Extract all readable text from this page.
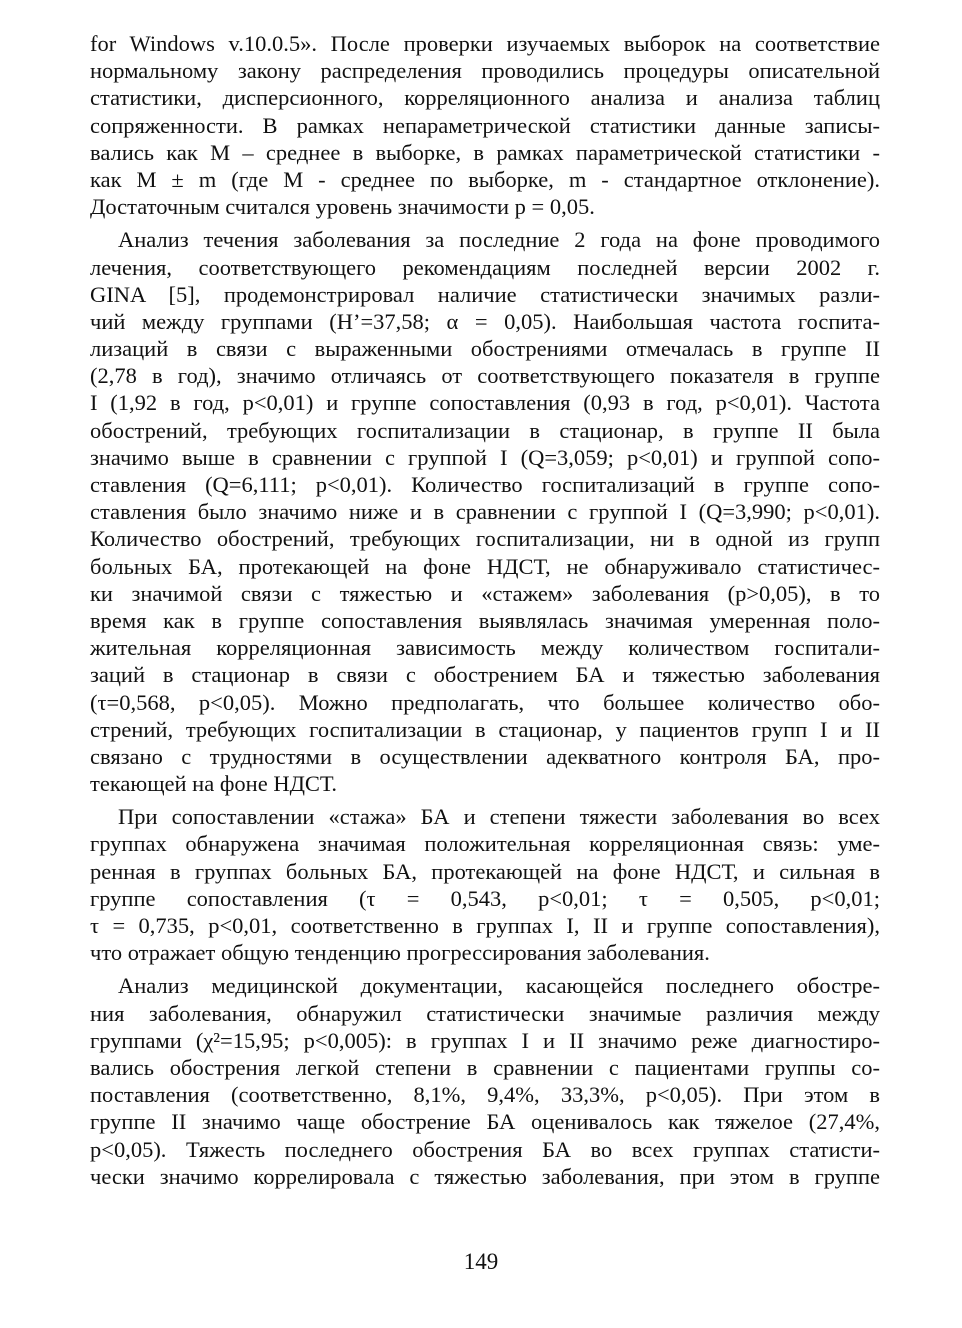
for Windows v.10.0.5». После проверки изучаемых выборок на соответствие
нормальному закону распределения проводились процедуры описательной
статистики, дисперсионного, корреляционного анализа и анализа таблиц
сопряженности. В рамках непараметрической статистики данные записы-
вались как М – среднее в выборке, в рамках параметрической статистики -
как М ± m (где М - среднее по выборке, m - стандартное отклонение).
Достаточным считался уровень значимости р = 0,05.
Анализ течения заболевания за последние 2 года на фоне проводимого
лечения, соответствующего рекомендациям последней версии 2002 г.
GINA [5], продемонстрировал наличие статистически значимых разли-
чий между группами (H’=37,58; α = 0,05). Наибольшая частота госпита-
лизаций в связи с выраженными обострениями отмечалась в группе II
(2,78 в год), значимо отличаясь от соответствующего показателя в группе
I (1,92 в год, р<0,01) и группе сопоставления (0,93 в год, р<0,01). Частота
обострений, требующих госпитализации в стационар, в группе II была
значимо выше в сравнении с группой I (Q=3,059; р<0,01) и группой сопо-
ставления (Q=6,111; р<0,01). Количество госпитализаций в группе сопо-
ставления было значимо ниже и в сравнении с группой I (Q=3,990; р<0,01).
Количество обострений, требующих госпитализации, ни в одной из групп
больных БА, протекающей на фоне НДСТ, не обнаруживало статистичес-
ки значимой связи с тяжестью и «стажем» заболевания (р>0,05), в то
время как в группе сопоставления выявлялась значимая умеренная поло-
жительная корреляционная зависимость между количеством госпитали-
заций в стационар в связи с обострением БА и тяжестью заболевания
(τ=0,568, р<0,05). Можно предполагать, что большее количество обо-
стрений, требующих госпитализации в стационар, у пациентов групп I и II
связано с трудностями в осуществлении адекватного контроля БА, про-
текающей на фоне НДСТ.
При сопоставлении «стажа» БА и степени тяжести заболевания во всех
группах обнаружена значимая положительная корреляционная связь: уме-
ренная в группах больных БА, протекающей на фоне НДСТ, и сильная в
группе сопоставления (τ = 0,543, р<0,01; τ = 0,505, р<0,01;
τ = 0,735, р<0,01, соответственно в группах I, II и группе сопоставления),
что отражает общую тенденцию прогрессирования заболевания.
Анализ медицинской документации, касающейся последнего обостре-
ния заболевания, обнаружил статистически значимые различия между
группами (χ²=15,95; р<0,005): в группах I и II значимо реже диагностиро-
вались обострения легкой степени в сравнении с пациентами группы со-
поставления (соответственно, 8,1%, 9,4%, 33,3%, р<0,05). При этом в
группе II значимо чаще обострение БА оценивалось как тяжелое (27,4%,
р<0,05). Тяжесть последнего обострения БА во всех группах статисти-
чески значимо коррелировала с тяжестью заболевания, при этом в группе
149
